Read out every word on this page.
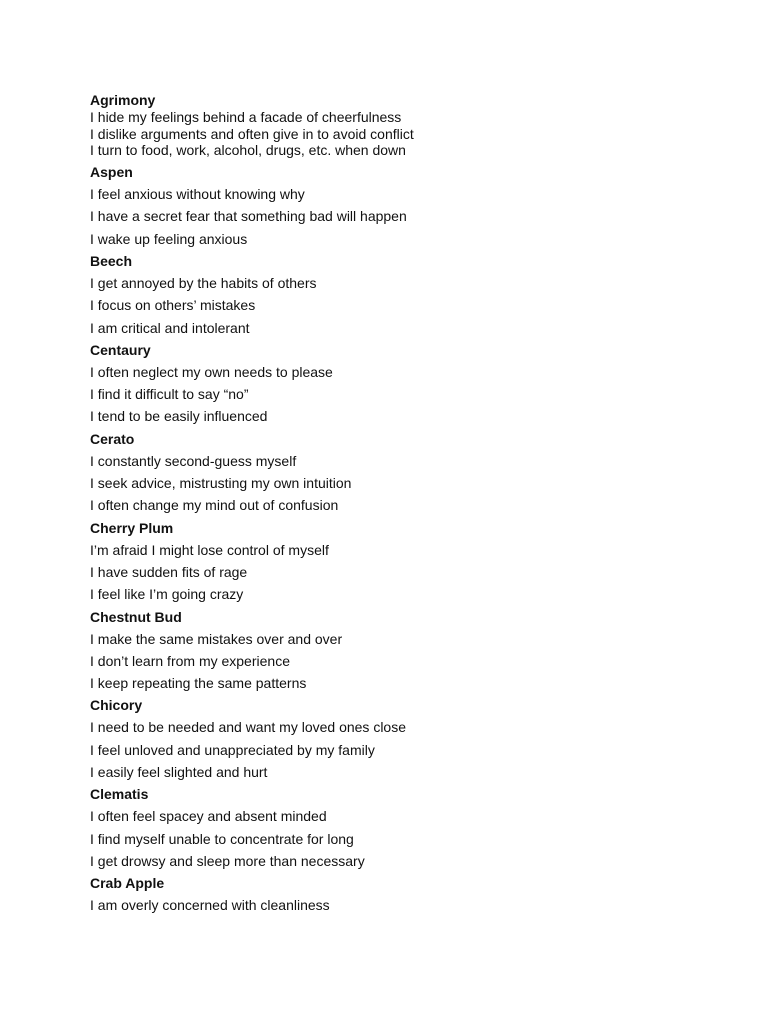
Agrimony
I hide my feelings behind a facade of cheerfulness
I dislike arguments and often give in to avoid conflict
I turn to food, work, alcohol, drugs, etc. when down
Aspen
I feel anxious without knowing why
I have a secret fear that something bad will happen
I wake up feeling anxious
Beech
I get annoyed by the habits of others
I focus on others’ mistakes
I am critical and intolerant
Centaury
I often neglect my own needs to please
I find it difficult to say “no”
I tend to be easily influenced
Cerato
I constantly second-guess myself
I seek advice, mistrusting my own intuition
I often change my mind out of confusion
Cherry Plum
I’m afraid I might lose control of myself
I have sudden fits of rage
I feel like I’m going crazy
Chestnut Bud
I make the same mistakes over and over
I don’t learn from my experience
I keep repeating the same patterns
Chicory
I need to be needed and want my loved ones close
I feel unloved and unappreciated by my family
I easily feel slighted and hurt
Clematis
I often feel spacey and absent minded
I find myself unable to concentrate for long
I get drowsy and sleep more than necessary
Crab Apple
I am overly concerned with cleanliness
